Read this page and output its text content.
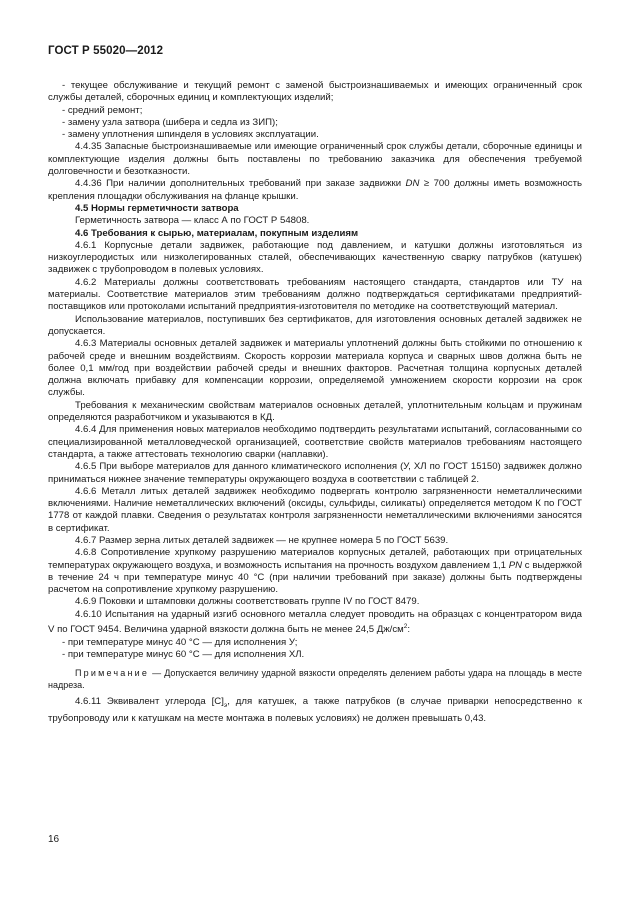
ГОСТ Р 55020—2012

- текущее обслуживание и текущий ремонт с заменой быстроизнашиваемых и имеющих ограниченный срок службы деталей, сборочных единиц и комплектующих изделий;

- средний ремонт;

- замену узла затвора (шибера и седла из ЗИП);

- замену уплотнения шпинделя в условиях эксплуатации.

4.4.35 Запасные быстроизнашиваемые или имеющие ограниченный срок службы детали, сборочные единицы и комплектующие изделия должны быть поставлены по требованию заказчика для обеспечения требуемой долговечности и безотказности.

4.4.36 При наличии дополнительных требований при заказе задвижки DN ≥ 700 должны иметь возможность крепления площадки обслуживания на фланце крышки.

4.5 Нормы герметичности затвора

Герметичность затвора — класс А по ГОСТ Р 54808.

4.6 Требования к сырью, материалам, покупным изделиям

4.6.1 Корпусные детали задвижек, работающие под давлением, и катушки должны изготовляться из низкоуглеродистых или низколегированных сталей, обеспечивающих качественную сварку патрубков (катушек) задвижек с трубопроводом в полевых условиях.

4.6.2 Материалы должны соответствовать требованиям настоящего стандарта, стандартов или ТУ на материалы. Соответствие материалов этим требованиям должно подтверждаться сертификатами предприятий-поставщиков или протоколами испытаний предприятия-изготовителя по методике на соответствующий материал.

Использование материалов, поступивших без сертификатов, для изготовления основных деталей задвижек не допускается.

4.6.3 Материалы основных деталей задвижек и материалы уплотнений должны быть стойкими по отношению к рабочей среде и внешним воздействиям. Скорость коррозии материала корпуса и сварных швов должна быть не более 0,1 мм/год при воздействии рабочей среды и внешних факторов. Расчетная толщина корпусных деталей должна включать прибавку для компенсации коррозии, определяемой умножением скорости коррозии на срок службы.

Требования к механическим свойствам материалов основных деталей, уплотнительным кольцам и пружинам определяются разработчиком и указываются в КД.

4.6.4 Для применения новых материалов необходимо подтвердить результатами испытаний, согласованными со специализированной металловедческой организацией, соответствие свойств материалов требованиям настоящего стандарта, а также аттестовать технологию сварки (наплавки).

4.6.5 При выборе материалов для данного климатического исполнения (У, ХЛ по ГОСТ 15150) задвижек должно приниматься нижнее значение температуры окружающего воздуха в соответствии с таблицей 2.

4.6.6 Металл литых деталей задвижек необходимо подвергать контролю загрязненности неметаллическими включениями. Наличие неметаллических включений (оксиды, сульфиды, силикаты) определяется методом К по ГОСТ 1778 от каждой плавки. Сведения о результатах контроля загрязненности неметаллическими включениями заносятся в сертификат.

4.6.7 Размер зерна литых деталей задвижек — не крупнее номера 5 по ГОСТ 5639.

4.6.8 Сопротивление хрупкому разрушению материалов корпусных деталей, работающих при отрицательных температурах окружающего воздуха, и возможность испытания на прочность воздухом давлением 1,1 PN с выдержкой в течение 24 ч при температуре минус 40 °С (при наличии требований при заказе) должны быть подтверждены расчетом на сопротивление хрупкому разрушению.

4.6.9 Поковки и штамповки должны соответствовать группе IV по ГОСТ 8479.

4.6.10 Испытания на ударный изгиб основного металла следует проводить на образцах с концентратором вида V по ГОСТ 9454. Величина ударной вязкости должна быть не менее 24,5 $Дж/см^2$:

- при температуре минус 40 °С — для исполнения У;

- при температуре минус 60 °С — для исполнения ХЛ.

Примечание — Допускается величину ударной вязкости определять делением работы удара на площадь в месте надреза.

4.6.11 Эквивалент углерода $[C]_э$, для катушек, а также патрубков (в случае приварки непосредственно к трубопроводу или к катушкам на месте монтажа в полевых условиях) не должен превышать 0,43.

16
